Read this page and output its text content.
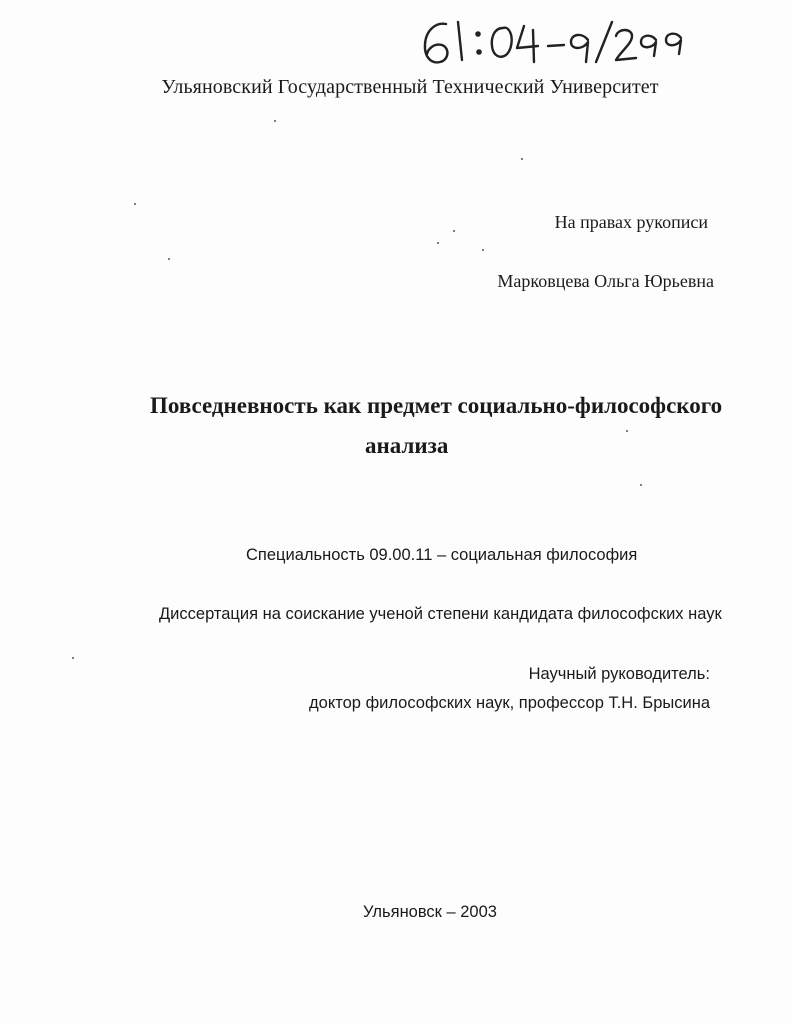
Ульяновский Государственный Технический Университет
На правах рукописи
Марковцева Ольга Юрьевна
Повседневность как предмет социально-философского
анализа
Специальность 09.00.11 – социальная философия
Диссертация на соискание ученой степени кандидата философских наук
Научный руководитель:
доктор философских наук, профессор Т.Н. Брысина
Ульяновск – 2003
